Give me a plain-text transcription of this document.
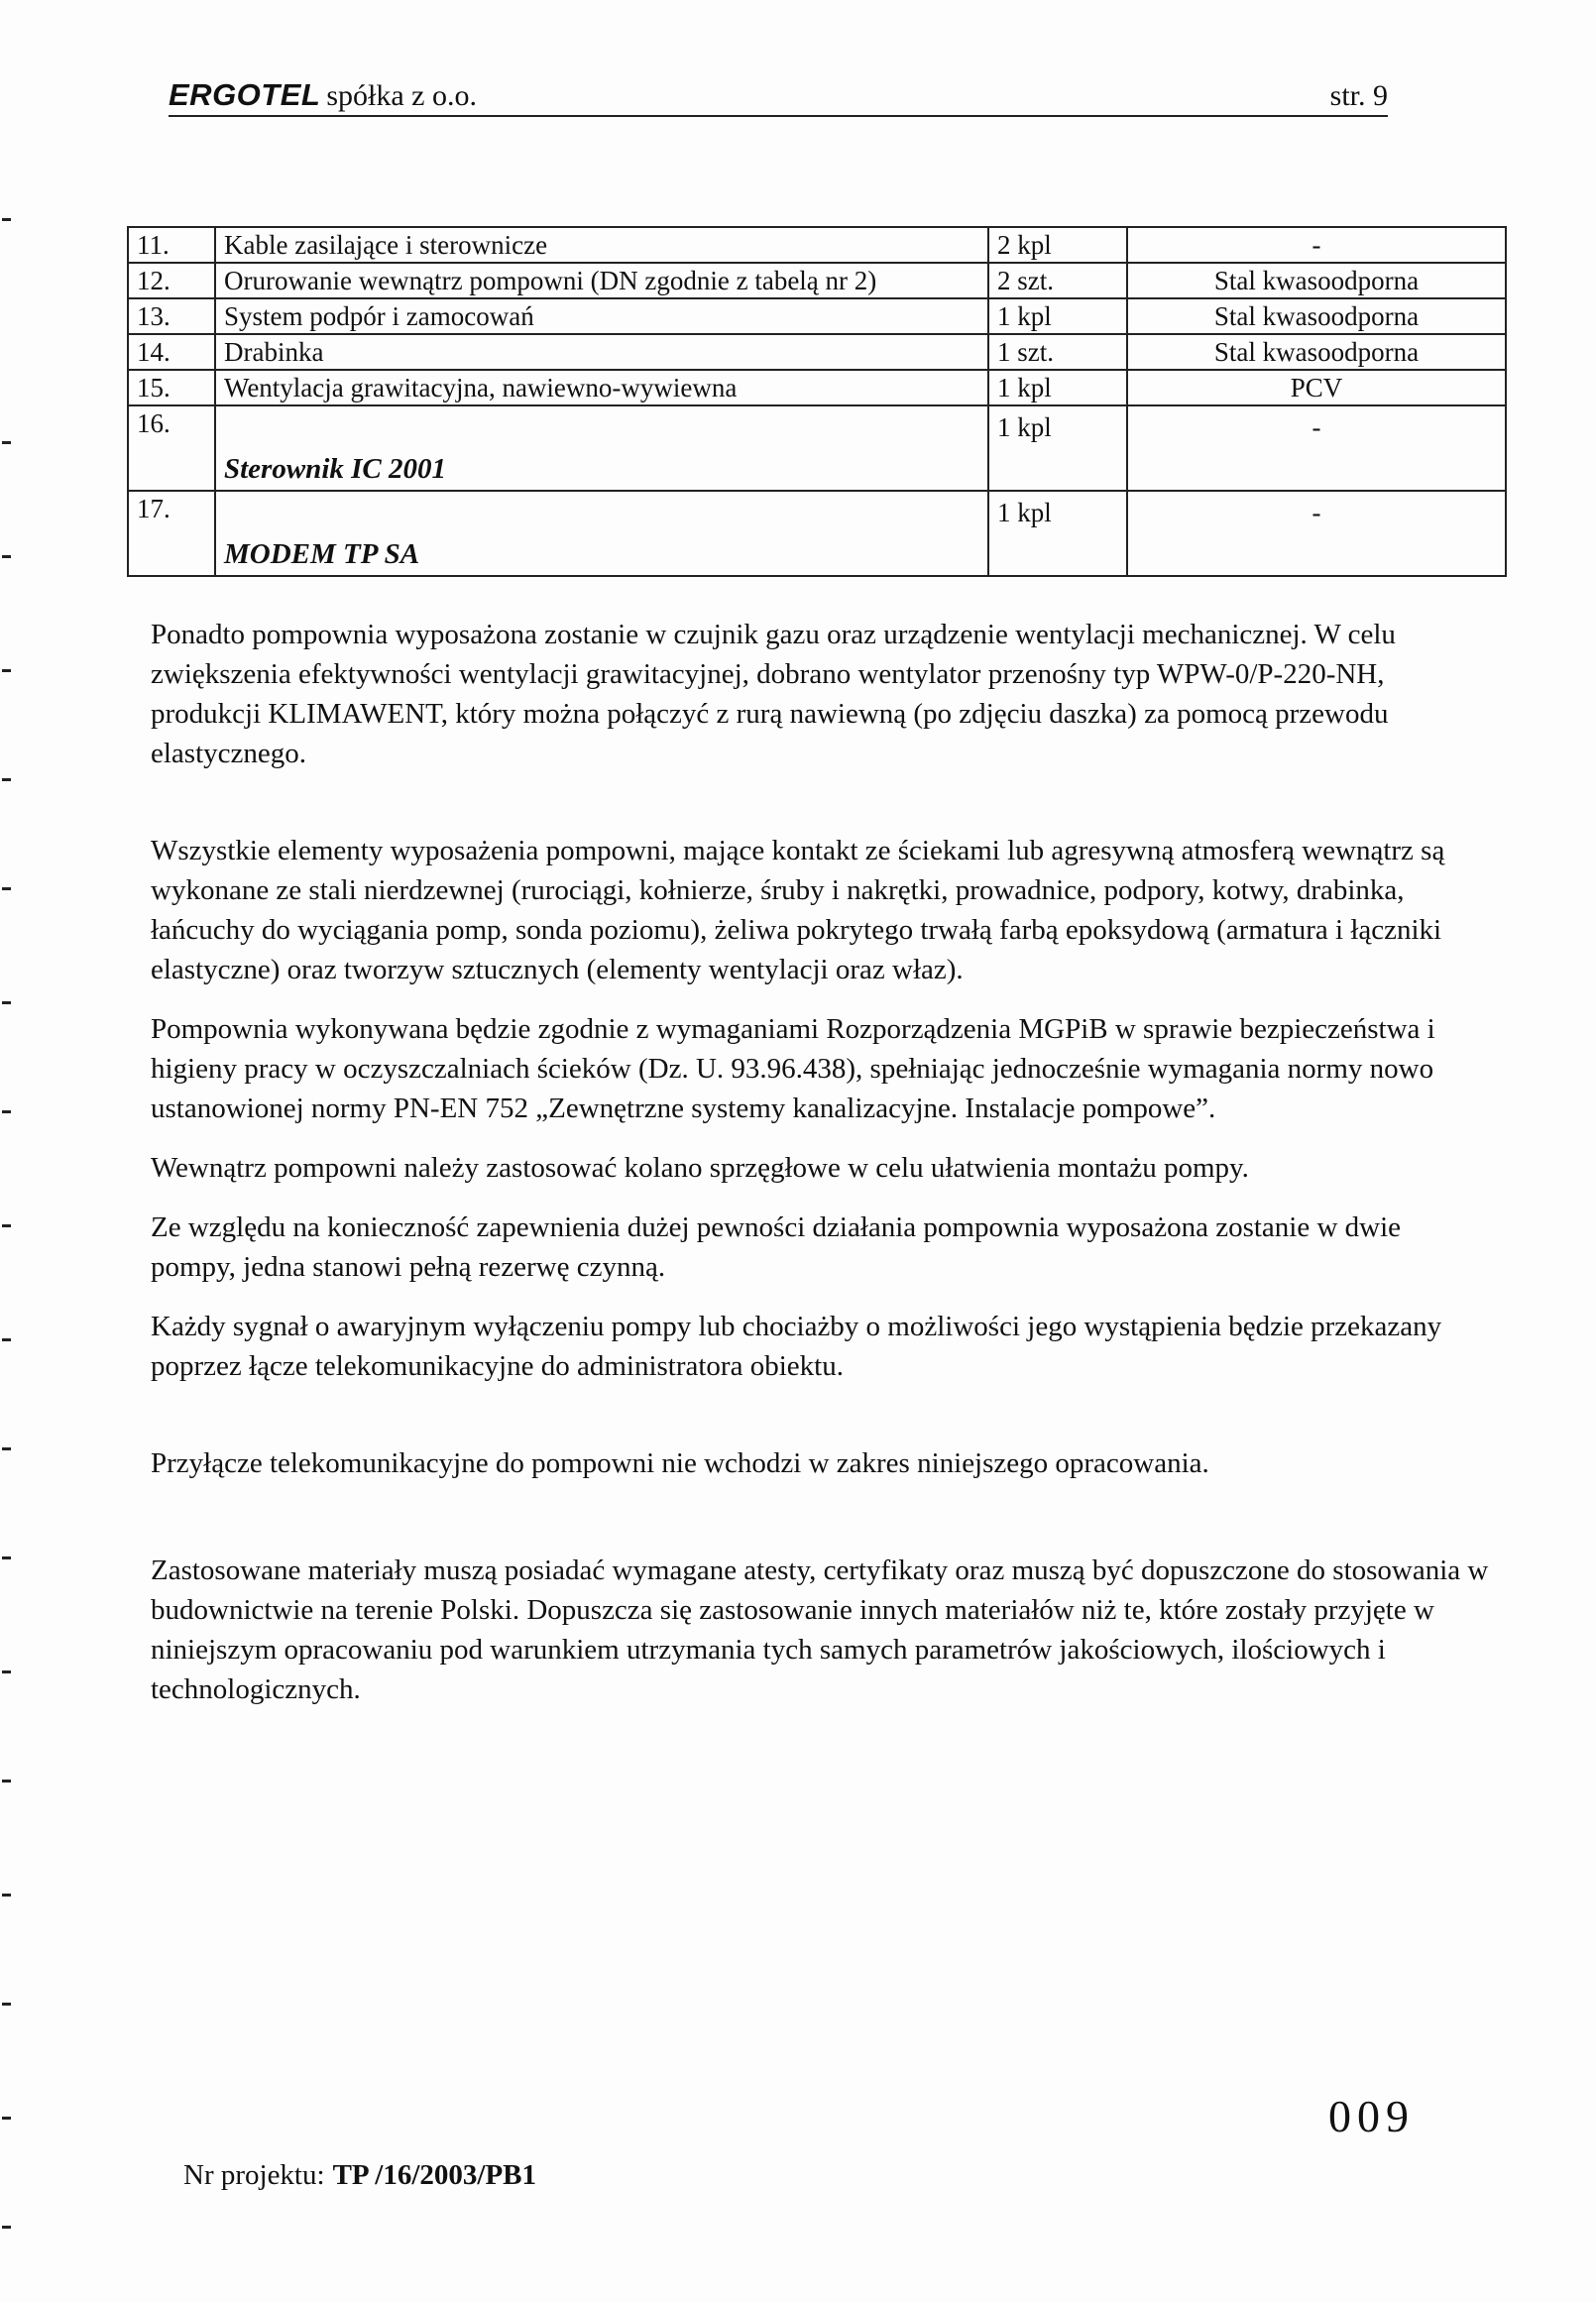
ERGOTEL spółka z o.o.	str. 9
11.	Kable zasilające i sterownicze	2 kpl	-
12.	Orurowanie wewnątrz pompowni (DN zgodnie z tabelą nr 2)	2 szt.	Stal kwasoodporna
13.	System podpór i zamocowań	1 kpl	Stal kwasoodporna
14.	Drabinka	1 szt.	Stal kwasoodporna
15.	Wentylacja grawitacyjna, nawiewno-wywiewna	1 kpl	PCV
16.	Sterownik IC 2001	1 kpl	-
17.	MODEM TP SA	1 kpl	-

Ponadto pompownia wyposażona zostanie w czujnik gazu oraz urządzenie wentylacji mechanicznej. W celu zwiększenia efektywności wentylacji grawitacyjnej, dobrano wentylator przenośny typ WPW-0/P-220-NH, produkcji KLIMAWENT, który można połączyć z rurą nawiewną (po zdjęciu daszka) za pomocą przewodu elastycznego.

Wszystkie elementy wyposażenia pompowni, mające kontakt ze ściekami lub agresywną atmosferą wewnątrz są wykonane ze stali nierdzewnej (rurociągi, kołnierze, śruby i nakrętki, prowadnice, podpory, kotwy, drabinka, łańcuchy do wyciągania pomp, sonda poziomu), żeliwa pokrytego trwałą farbą epoksydową (armatura i łączniki elastyczne) oraz tworzyw sztucznych (elementy wentylacji oraz właz).

Pompownia wykonywana będzie zgodnie z wymaganiami Rozporządzenia MGPiB w sprawie bezpieczeństwa i higieny pracy w oczyszczalniach ścieków (Dz. U. 93.96.438), spełniając jednocześnie wymagania normy nowo ustanowionej normy PN-EN 752 „Zewnętrzne systemy kanalizacyjne. Instalacje pompowe”.

Wewnątrz pompowni należy zastosować kolano sprzęgłowe w celu ułatwienia montażu pompy.

Ze względu na konieczność zapewnienia dużej pewności działania pompownia wyposażona zostanie w dwie pompy, jedna stanowi pełną rezerwę czynną.

Każdy sygnał o awaryjnym wyłączeniu pompy lub chociażby o możliwości jego wystąpienia będzie przekazany poprzez łącze telekomunikacyjne do administratora obiektu.

Przyłącze telekomunikacyjne do pompowni nie wchodzi w zakres niniejszego opracowania.

Zastosowane materiały muszą posiadać wymagane atesty, certyfikaty oraz muszą być dopuszczone do stosowania w budownictwie na terenie Polski. Dopuszcza się zastosowanie innych materiałów niż te, które zostały przyjęte w niniejszym opracowaniu pod warunkiem utrzymania tych samych parametrów jakościowych, ilościowych i technologicznych.

009
Nr projektu: TP /16/2003/PB1
